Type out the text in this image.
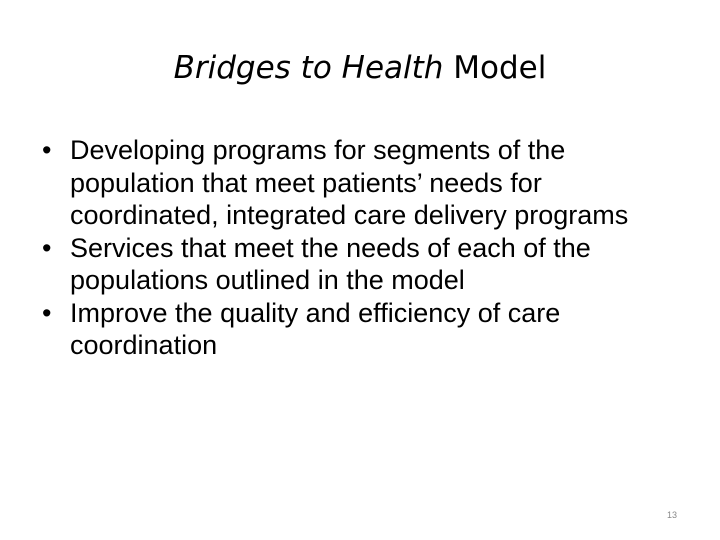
Bridges to Health Model
• Developing programs for segments of the population that meet patients’ needs for coordinated, integrated care delivery programs
• Services that meet the needs of each of the populations outlined in the model
• Improve the quality and efficiency of care coordination
13
